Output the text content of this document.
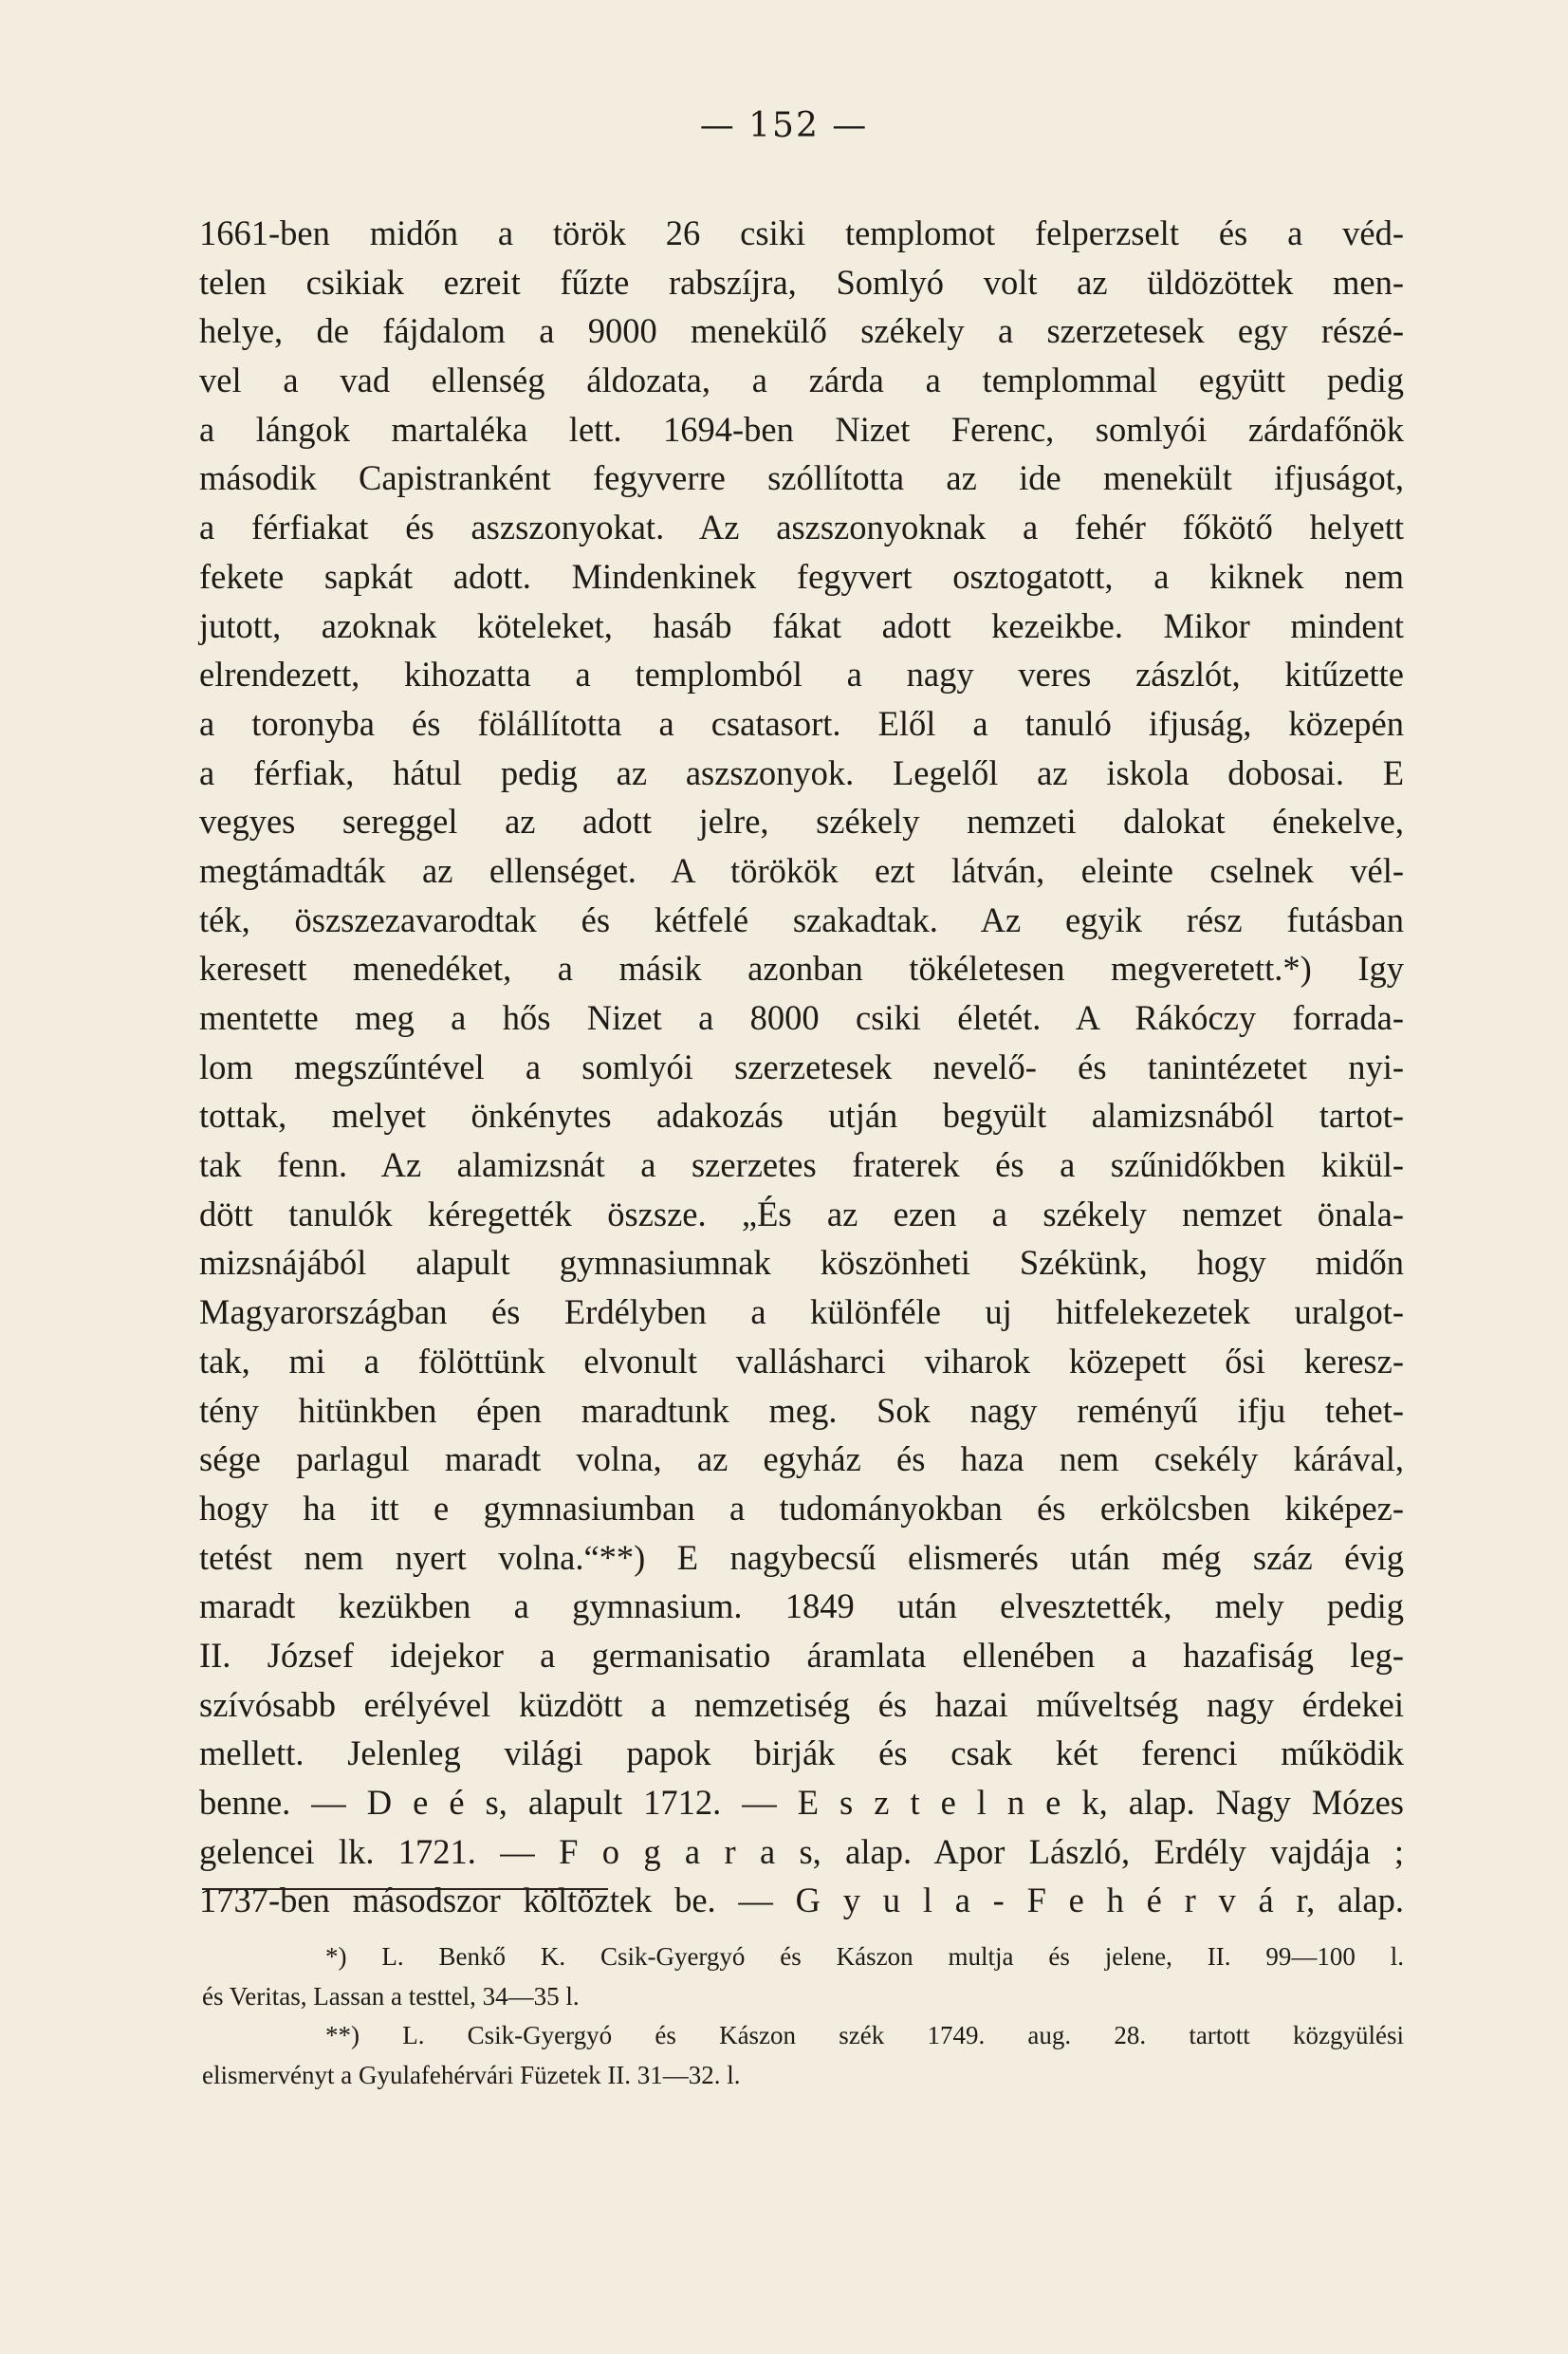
— 152 —
1661-ben midőn a török 26 csiki templomot felperzselt és a véd-
telen csikiak ezreit fűzte rabszíjra, Somlyó volt az üldözöttek men-
helye, de fájdalom a 9000 menekülő székely a szerzetesek egy részé-
vel a vad ellenség áldozata, a zárda a templommal együtt pedig
a lángok martaléka lett. 1694-ben Nizet Ferenc, somlyói zárdafőnök
második Capistranként fegyverre szóllította az ide menekült ifjuságot,
a férfiakat és aszszonyokat. Az aszszonyoknak a fehér főkötő helyett
fekete sapkát adott. Mindenkinek fegyvert osztogatott, a kiknek nem
jutott, azoknak köteleket, hasáb fákat adott kezeikbe. Mikor mindent
elrendezett, kihozatta a templomból a nagy veres zászlót, kitűzette
a toronyba és fölállította a csatasort. Elől a tanuló ifjuság, közepén
a férfiak, hátul pedig az aszszonyok. Legelől az iskola dobosai. E
vegyes sereggel az adott jelre, székely nemzeti dalokat énekelve,
megtámadták az ellenséget. A törökök ezt látván, eleinte cselnek vél-
ték, öszszezavarodtak és kétfelé szakadtak. Az egyik rész futásban
keresett menedéket, a másik azonban tökéletesen megveretett.*) Igy
mentette meg a hős Nizet a 8000 csiki életét. A Rákóczy forrada-
lom megszűntével a somlyói szerzetesek nevelő- és tanintézetet nyi-
tottak, melyet önkénytes adakozás utján begyült alamizsnából tartot-
tak fenn. Az alamizsnát a szerzetes fraterek és a szűnidőkben kikül-
dött tanulók kéregették öszsze. „És az ezen a székely nemzet önala-
mizsnájából alapult gymnasiumnak köszönheti Székünk, hogy midőn
Magyarországban és Erdélyben a különféle uj hitfelekezetek uralgot-
tak, mi a fölöttünk elvonult vallásharci viharok közepett ősi keresz-
tény hitünkben épen maradtunk meg. Sok nagy reményű ifju tehet-
sége parlagul maradt volna, az egyház és haza nem csekély kárával,
hogy ha itt e gymnasiumban a tudományokban és erkölcsben kiképez-
tetést nem nyert volna.“**) E nagybecsű elismerés után még száz évig
maradt kezükben a gymnasium. 1849 után elvesztették, mely pedig
II. József idejekor a germanisatio áramlata ellenében a hazafiság leg-
szívósabb erélyével küzdött a nemzetiség és hazai műveltség nagy érdekei
mellett. Jelenleg világi papok birják és csak két ferenci működik
benne. — D e é s, alapult 1712. — E s z t e l n e k, alap. Nagy Mózes
gelencei lk. 1721. — F o g a r a s, alap. Apor László, Erdély vajdája ;
1737-ben másodszor költöztek be. — G y u l a - F e h é r v á r, alap.
*) L. Benkő K. Csik-Gyergyó és Kászon multja és jelene, II. 99—100 l.
és Veritas, Lassan a testtel, 34—35 l.
**) L. Csik-Gyergyó és Kászon szék 1749. aug. 28. tartott közgyülési
elismervényt a Gyulafehérvári Füzetek II. 31—32. l.
